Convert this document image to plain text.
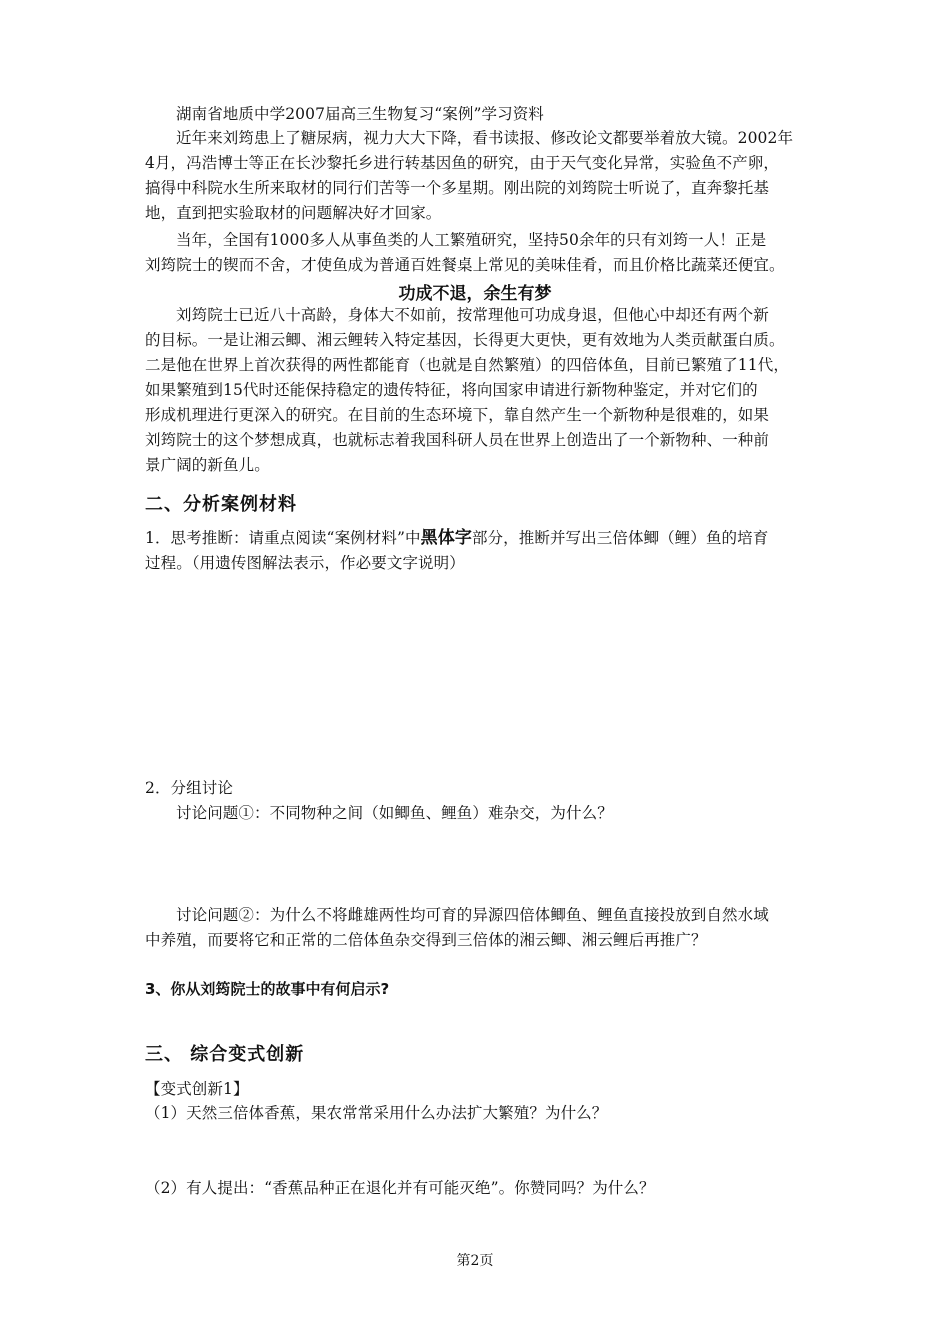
湖南省地质中学2007届高三生物复习“案例”学习资料
近年来刘筠患上了糖尿病，视力大大下降，看书读报、修改论文都要举着放大镜。2002年
4月，冯浩博士等正在长沙黎托乡进行转基因鱼的研究，由于天气变化异常，实验鱼不产卵，
搞得中科院水生所来取材的同行们苦等一个多星期。刚出院的刘筠院士听说了，直奔黎托基
地，直到把实验取材的问题解决好才回家。
当年，全国有1000多人从事鱼类的人工繁殖研究，坚持50余年的只有刘筠一人！正是
刘筠院士的锲而不舍，才使鱼成为普通百姓餐桌上常见的美味佳肴，而且价格比蔬菜还便宜。
功成不退，余生有梦
刘筠院士已近八十高龄，身体大不如前，按常理他可功成身退，但他心中却还有两个新
的目标。一是让湘云鲫、湘云鲤转入特定基因，长得更大更快，更有效地为人类贡献蛋白质。
二是他在世界上首次获得的两性都能育（也就是自然繁殖）的四倍体鱼，目前已繁殖了11代，
如果繁殖到15代时还能保持稳定的遗传特征，将向国家申请进行新物种鉴定，并对它们的
形成机理进行更深入的研究。在目前的生态环境下，靠自然产生一个新物种是很难的，如果
刘筠院士的这个梦想成真，也就标志着我国科研人员在世界上创造出了一个新物种、一种前
景广阔的新鱼儿。
二、分析案例材料
1．思考推断：请重点阅读“案例材料”中黑体字部分，推断并写出三倍体鲫（鲤）鱼的培育
过程。（用遗传图解法表示，作必要文字说明）
2．分组讨论
讨论问题①：不同物种之间（如鲫鱼、鲤鱼）难杂交，为什么？
讨论问题②：为什么不将雌雄两性均可育的异源四倍体鲫鱼、鲤鱼直接投放到自然水域
中养殖，而要将它和正常的二倍体鱼杂交得到三倍体的湘云鲫、湘云鲤后再推广？
3、你从刘筠院士的故事中有何启示?
三、 综合变式创新
【变式创新1】
（1）天然三倍体香蕉，果农常常采用什么办法扩大繁殖？为什么？
（2）有人提出：“香蕉品种正在退化并有可能灭绝”。你赞同吗？为什么？
第2页
